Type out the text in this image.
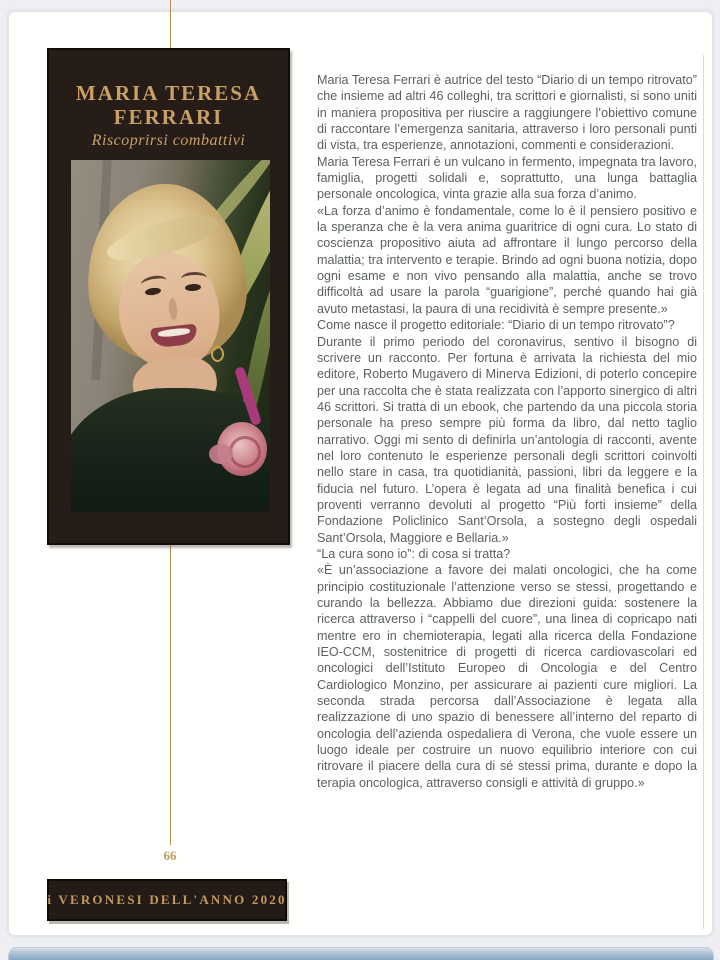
MARIA TERESA
FERRARI
Riscoprirsi combattivi

Maria Teresa Ferrari è autrice del testo “Diario di un tempo ritrovato” che insieme ad altri 46 colleghi, tra scrittori e giornalisti, si sono uniti in maniera propositiva per riuscire a raggiungere l’obiettivo comune di raccontare l’emergenza sanitaria, attraverso i loro personali punti di vista, tra esperienze, annotazioni, commenti e considerazioni.

Maria Teresa Ferrari è un vulcano in fermento, impegnata tra lavoro, famiglia, progetti solidali e, soprattutto, una lunga battaglia personale oncologica, vinta grazie alla sua forza d’animo.

«La forza d’animo è fondamentale, come lo è il pensiero positivo e la speranza che è la vera anima guaritrice di ogni cura. Lo stato di coscienza propositivo aiuta ad affrontare il lungo percorso della malattia; tra intervento e terapie. Brindo ad ogni buona notizia, dopo ogni esame e non vivo pensando alla malattia, anche se trovo difficoltà ad usare la parola “guarigione”, perché quando hai già avuto metastasi, la paura di una recidività è sempre presente.»

Come nasce il progetto editoriale: “Diario di un tempo ritrovato”?

Durante il primo periodo del coronavirus, sentivo il bisogno di scrivere un racconto. Per fortuna è arrivata la richiesta del mio editore, Roberto Mugavero di Minerva Edizioni, di poterlo concepire per una raccolta che è stata realizzata con l’apporto sinergico di altri 46 scrittori. Si tratta di un ebook, che partendo da una piccola storia personale ha preso sempre più forma da libro, dal netto taglio narrativo. Oggi mi sento di definirla un’antologia di racconti, avente nel loro contenuto le esperienze personali degli scrittori coinvolti nello stare in casa, tra quotidianità, passioni, libri da leggere e la fiducia nel futuro. L’opera è legata ad una finalità benefica i cui proventi verranno devoluti al progetto “Più forti insieme” della Fondazione Policlinico Sant’Orsola, a sostegno degli ospedali Sant’Orsola, Maggiore e Bellaria.»

“La cura sono io”: di cosa si tratta?

«È un’associazione a favore dei malati oncologici, che ha come principio costituzionale l’attenzione verso se stessi, progettando e curando la bellezza. Abbiamo due direzioni guida: sostenere la ricerca attraverso i “cappelli del cuore”, una linea di copricapo nati mentre ero in chemioterapia, legati alla ricerca della Fondazione IEO-CCM, sostenitrice di progetti di ricerca cardiovascolari ed oncologici dell’Istituto Europeo di Oncologia e del Centro Cardiologico Monzino, per assicurare ai pazienti cure migliori. La seconda strada percorsa dall’Associazione è legata alla realizzazione di uno spazio di benessere all’interno del reparto di oncologia dell’azienda ospedaliera di Verona, che vuole essere un luogo ideale per costruire un nuovo equilibrio interiore con cui ritrovare il piacere della cura di sé stessi prima, durante e dopo la terapia oncologica, attraverso consigli e attività di gruppo.»

66
i VERONESI DELL'ANNO 2020
